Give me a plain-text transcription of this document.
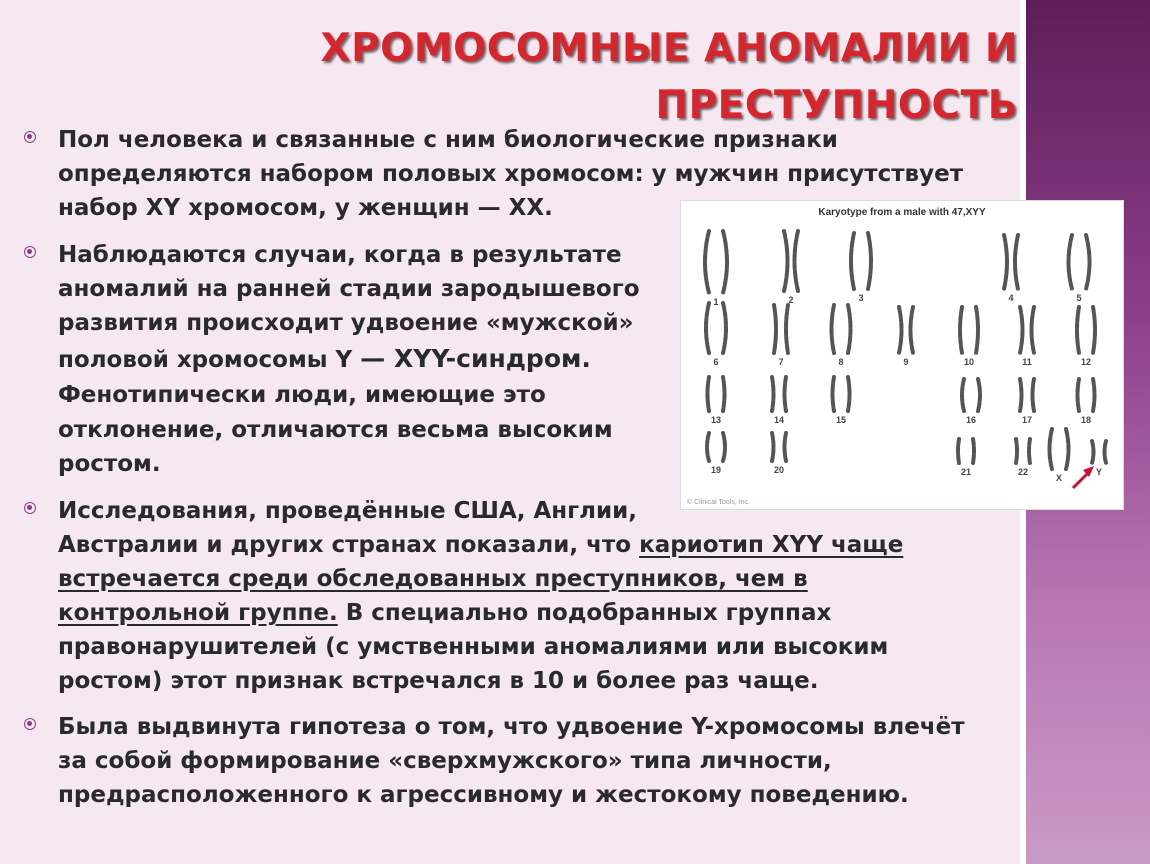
ХРОМОСОМНЫЕ АНОМАЛИИ И
ПРЕСТУПНОСТЬ
Пол человека и связанные с ним биологические признаки
определяются набором половых хромосом: у мужчин присутствует
набор XY хромосом, у женщин — XX.
Наблюдаются случаи, когда в результате
аномалий на ранней стадии зародышевого
развития происходит удвоение «мужской»
половой хромосомы Y — XYY-синдром.
Фенотипически люди, имеющие это
отклонение, отличаются весьма высоким
ростом.
Исследования, проведённые США, Англии,
Австралии и других странах показали, что кариотип XYY чаще
встречается среди обследованных преступников, чем в
контрольной группе. В специально подобранных группах
правонарушителей (с умственными аномалиями или высоким
ростом) этот признак встречался в 10 и более раз чаще.
Была выдвинута гипотеза о том, что удвоение Y-хромосомы влечёт
за собой формирование «сверхмужского» типа личности,
предрасположенного к агрессивному и жестокому поведению.
Karyotype from a male with 47,XYY
1	2	3	4	5
6	7	8	9	10	11	12
13	14	15	16	17	18
19	20	21	22
X
Y
© Clinical Tools, Inc.
